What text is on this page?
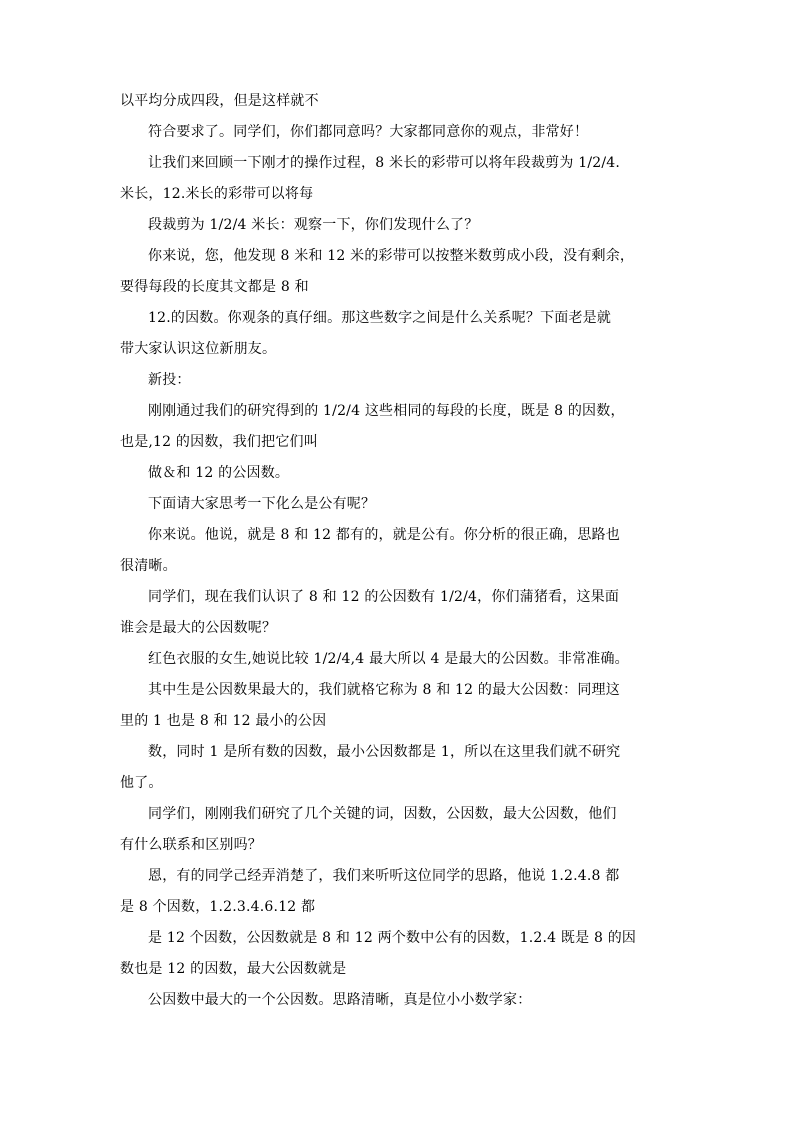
以平均分成四段，但是这样就不
符合要求了。同学们，你们都同意吗？大家都同意你的观点，非常好！
让我们来回顾一下刚才的操作过程，8 米长的彩带可以将年段裁剪为 1/2/4.
米长，12.米长的彩带可以将每
段裁剪为 1/2/4 米长：观察一下，你们发现什么了？
你来说，您，他发现 8 米和 12 米的彩带可以按整米数剪成小段，没有剩余，
要得每段的长度其文都是 8 和
12.的因数。你观条的真仔细。那这些数字之间是什么关系呢？下面老是就
带大家认识这位新朋友。
新投：
刚刚通过我们的研究得到的 1/2/4 这些相同的每段的长度，既是 8 的因数，
也是,12 的因数，我们把它们叫
做＆和 12 的公因数。
下面请大家思考一下化么是公有呢？
你来说。他说，就是 8 和 12 都有的，就是公有。你分析的很正确，思路也
很清晰。
同学们，现在我们认识了 8 和 12 的公因数有 1/2/4，你们蒲猪看，这果面
谁会是最大的公因数呢？
红色衣服的女生,她说比较 1/2/4,4 最大所以 4 是最大的公因数。非常准确。
其中生是公因数果最大的，我们就格它称为 8 和 12 的最大公因数：同理这
里的 1 也是 8 和 12 最小的公因
数，同时 1 是所有数的因数，最小公因数都是 1，所以在这里我们就不研究
他了。
同学们，刚刚我们研究了几个关键的词，因数，公因数，最大公因数，他们
有什么联系和区别吗？
恩，有的同学己经弄消楚了，我们来听听这位同学的思路，他说 1.2.4.8 都
是 8 个因数，1.2.3.4.6.12 都
是 12 个因数，公因数就是 8 和 12 两个数中公有的因数，1.2.4 既是 8 的因
数也是 12 的因数，最大公因数就是
公因数中最大的一个公因数。思路清晰，真是位小小数学家：
